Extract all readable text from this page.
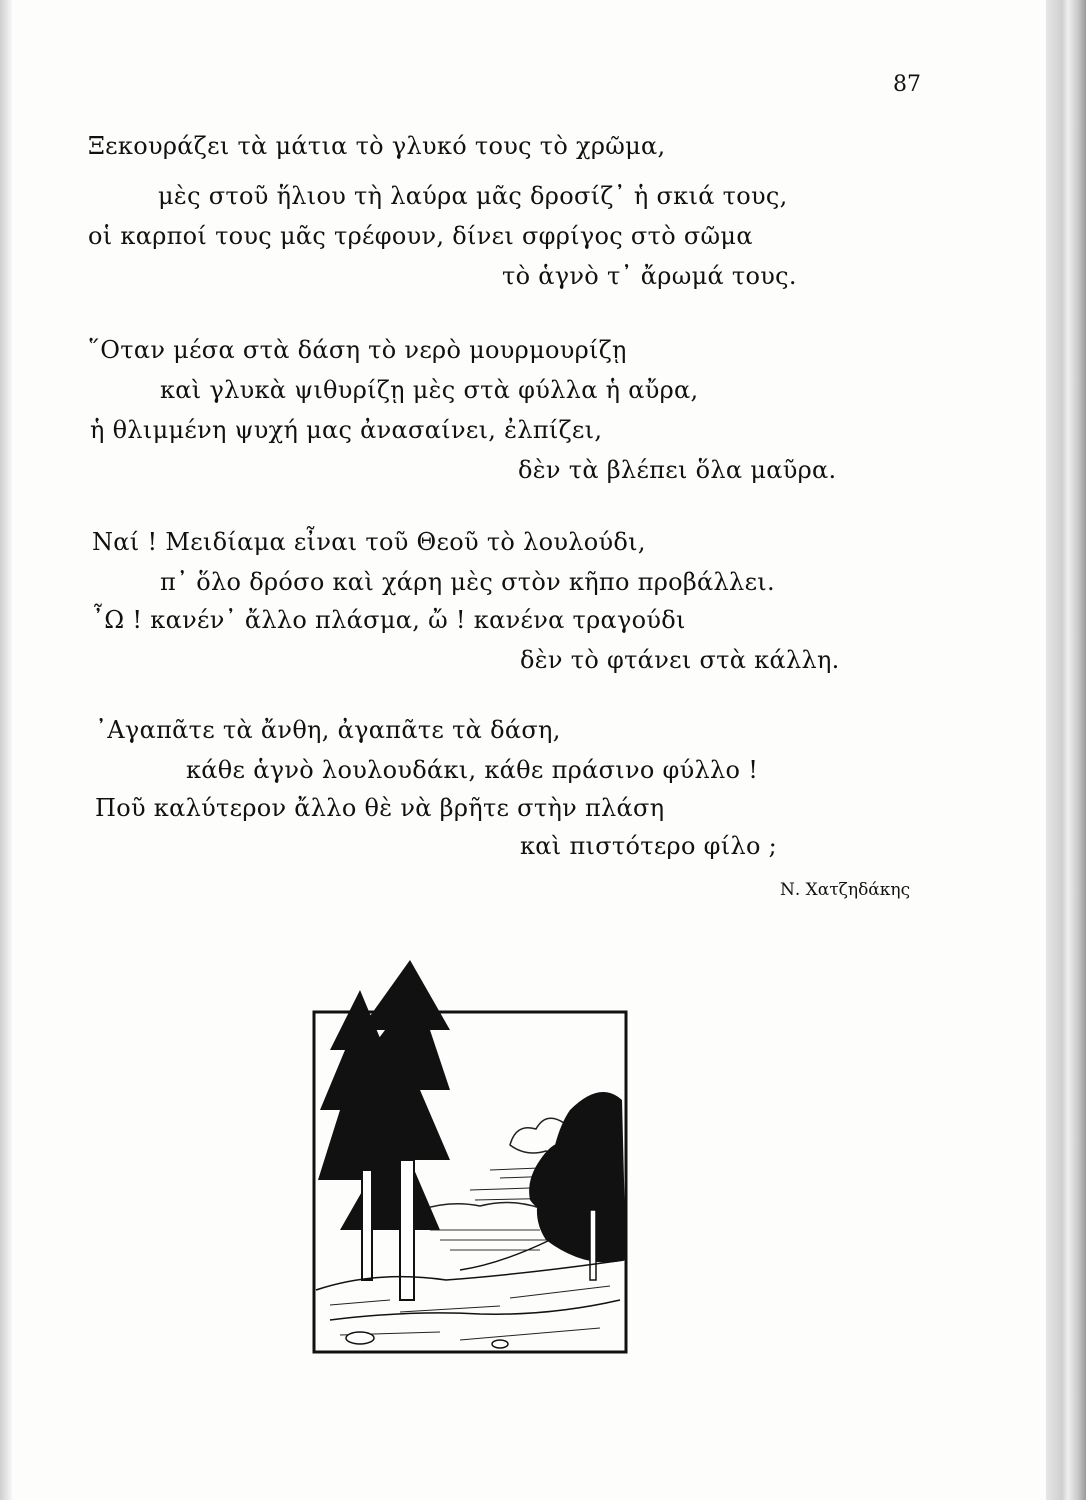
87
Ξεκουράζει τὰ μάτια τὸ γλυκό τους τὸ χρῶμα,
μὲς στοῦ ἥλιου τὴ λαύρα μᾶς δροσίζ᾽ ἡ σκιά τους,
οἱ καρποί τους μᾶς τρέφουν, δίνει σφρίγος στὸ σῶμα
τὸ ἁγνὸ τ᾽ ἄρωμά τους.
῞Οταν μέσα στὰ δάση τὸ νερὸ μουρμουρίζῃ
καὶ γλυκὰ ψιθυρίζῃ μὲς στὰ φύλλα ἡ αὔρα,
ἡ θλιμμένη ψυχή μας ἀνασαίνει, ἐλπίζει,
δὲν τὰ βλέπει ὅλα μαῦρα.
Ναί ! Μειδίαμα εἶναι τοῦ Θεοῦ τὸ λουλούδι,
π᾽ ὅλο δρόσο καὶ χάρη μὲς στὸν κῆπο προβάλλει.
῏Ω ! κανέν᾽ ἄλλο πλάσμα, ὤ ! κανένα τραγούδι
δὲν τὸ φτάνει στὰ κάλλη.
᾽Αγαπᾶτε τὰ ἄνθη, ἀγαπᾶτε τὰ δάση,
κάθε ἁγνὸ λουλουδάκι, κάθε πράσινο φύλλο !
Ποῦ καλύτερον ἄλλο θὲ νὰ βρῆτε στὴν πλάση
καὶ πιστότερο φίλο ;
Ν. Χατζηδάκης
